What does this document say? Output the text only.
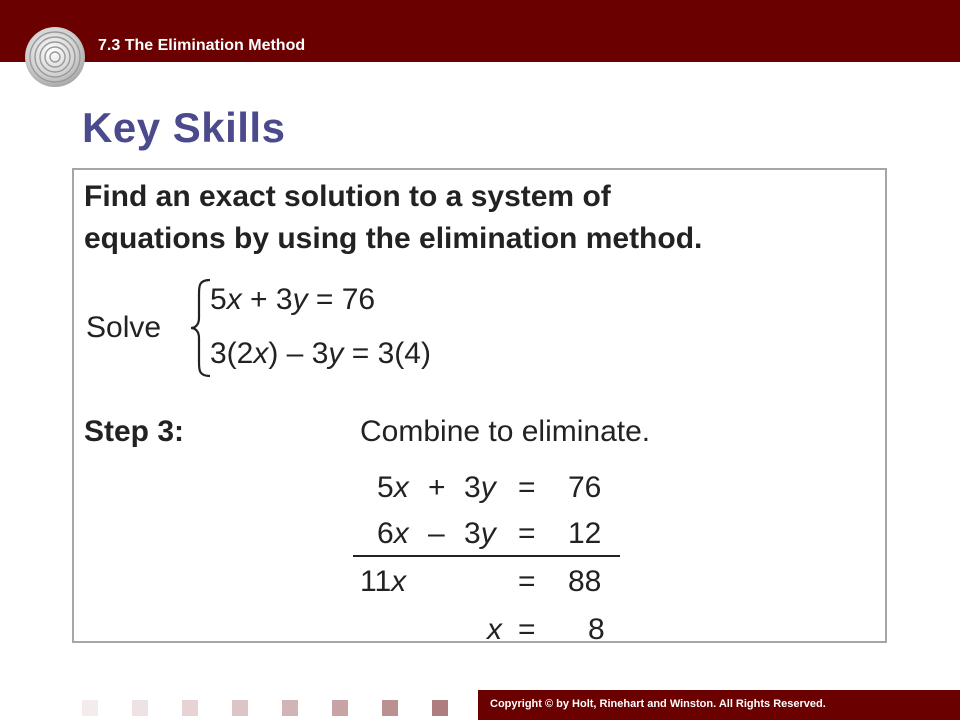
7.3 The Elimination Method
Key Skills
Find an exact solution to a system of
equations by using the elimination method.
Solve
5x + 3y = 76
3(2x) – 3y = 3(4)
Step 3:	Combine to eliminate.
5x + 3y = 76
6x – 3y = 12
11x	= 88
x = 8
Copyright © by Holt, Rinehart and Winston. All Rights Reserved.
